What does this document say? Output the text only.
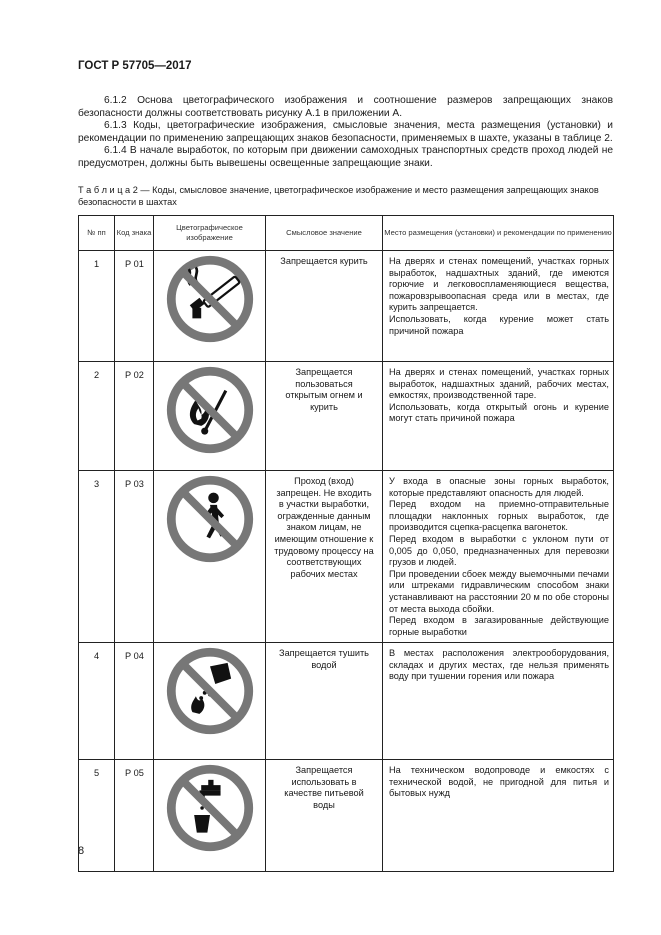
ГОСТ Р 57705—2017

6.1.2 Основа цветографического изображения и соотношение размеров запрещающих знаков безопасности должны соответствовать рисунку А.1 в приложении А.

6.1.3 Коды, цветографические изображения, смысловые значения, места размещения (установки) и рекомендации по применению запрещающих знаков безопасности, применяемых в шахте, указаны в таблице 2.

6.1.4 В начале выработок, по которым при движении самоходных транспортных средств проход людей не предусмотрен, должны быть вывешены освещенные запрещающие знаки.

Т а б л и ц а 2 — Коды, смысловое значение, цветографическое изображение и место размещения запрещающих знаков безопасности в шахтах
№ пп	Код знака	Цветографическое изображение	Смысловое значение	Место размещения (установки) и рекомендации по применению
1	Р 01		Запрещается курить	На дверях и стенах помещений, участках горных выработок, надшахтных зданий, где имеются горючие и легковоспламеняющиеся вещества, пожаровзрывоопасная среда или в местах, где курить запрещается.
Использовать, когда курение может стать причиной пожара

2	Р 02		Запрещается пользоваться открытым огнем и курить	На дверях и стенах помещений, участках горных выработок, надшахтных зданий, рабочих местах, емкостях, производственной таре.
Использовать, когда открытый огонь и курение могут стать причиной пожара

3	Р 03		Проход (вход) запрещен. Не входить в участки выработки, огражденные данным знаком лицам, не имеющим отношение к трудовому процессу на соответствующих рабочих местах	У входа в опасные зоны горных выработок, которые представляют опасность для людей.
Перед входом на приемно-отправительные площадки наклонных горных выработок, где производится сцепка-расцепка вагонеток.
Перед входом в выработки с уклоном пути от 0,005 до 0,050, предназначенных для перевозки грузов и людей.
При проведении сбоек между выемочными печами или штреками гидравлическим способом знаки устанавливают на расстоянии 20 м по обе стороны от места выхода сбойки.
Перед входом в загазированные действующие горные выработки

4	Р 04		Запрещается тушить водой	В местах расположения электрооборудования, складах и других местах, где нельзя применять воду при тушении горения или пожара

5	Р 05		Запрещается использовать в качестве питьевой воды	На техническом водопроводе и емкостях с технической водой, не пригодной для питья и бытовых нужд
8
